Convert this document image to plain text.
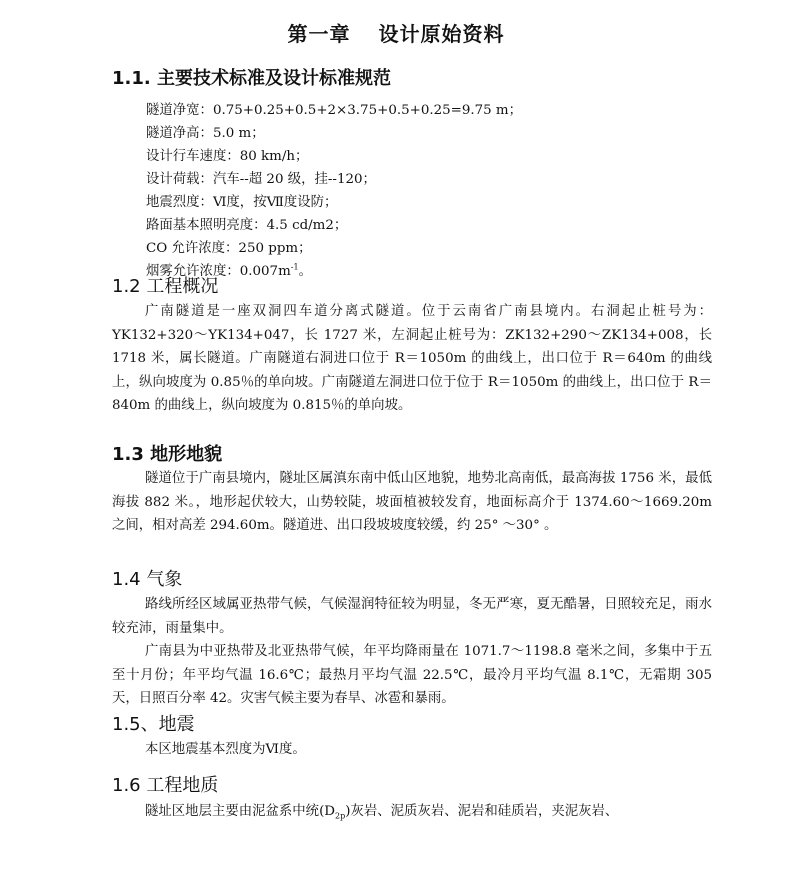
第一章 设计原始资料
1.1. 主要技术标准及设计标准规范
隧道净宽：0.75+0.25+0.5+2×3.75+0.5+0.25=9.75 m；
隧道净高：5.0 m；
设计行车速度：80 km/h；
设计荷载：汽车--超 20 级，挂--120；
地震烈度：Ⅵ度，按Ⅶ度设防；
路面基本照明亮度：4.5 cd/m2；
CO 允许浓度：250 ppm；
烟雾允许浓度：$0.007m^{-1}$。
1.2 工程概况
广南隧道是一座双洞四车道分离式隧道。位于云南省广南县境内。右洞起止桩号为：YK132+320～YK134+047，长 1727 米，左洞起止桩号为：ZK132+290～ZK134+008，长 1718 米，属长隧道。广南隧道右洞进口位于 R＝1050m 的曲线上，出口位于 R＝640m 的曲线上，纵向坡度为 0.85％的单向坡。广南隧道左洞进口位于位于 R＝1050m 的曲线上，出口位于 R＝840m 的曲线上，纵向坡度为 0.815％的单向坡。
1.3 地形地貌
隧道位于广南县境内，隧址区属滇东南中低山区地貌，地势北高南低，最高海拔 1756 米，最低海拔 882 米。，地形起伏较大，山势较陡，坡面植被较发育，地面标高介于 1374.60～1669.20m 之间，相对高差 294.60m。隧道进、出口段坡坡度较缓，约 25° ～30° 。
1.4 气象
路线所经区域属亚热带气候，气候湿润特征较为明显，冬无严寒，夏无酷暑，日照较充足，雨水较充沛，雨量集中。
广南县为中亚热带及北亚热带气候，年平均降雨量在 1071.7～1198.8 毫米之间，多集中于五至十月份；年平均气温 16.6℃；最热月平均气温 22.5℃，最冷月平均气温 8.1℃，无霜期 305 天，日照百分率 42。灾害气候主要为春旱、冰雹和暴雨。
1.5、地震
本区地震基本烈度为Ⅵ度。
1.6 工程地质
隧址区地层主要由泥盆系中统$(D_{2p})$灰岩、泥质灰岩、泥岩和硅质岩，夹泥灰岩、
